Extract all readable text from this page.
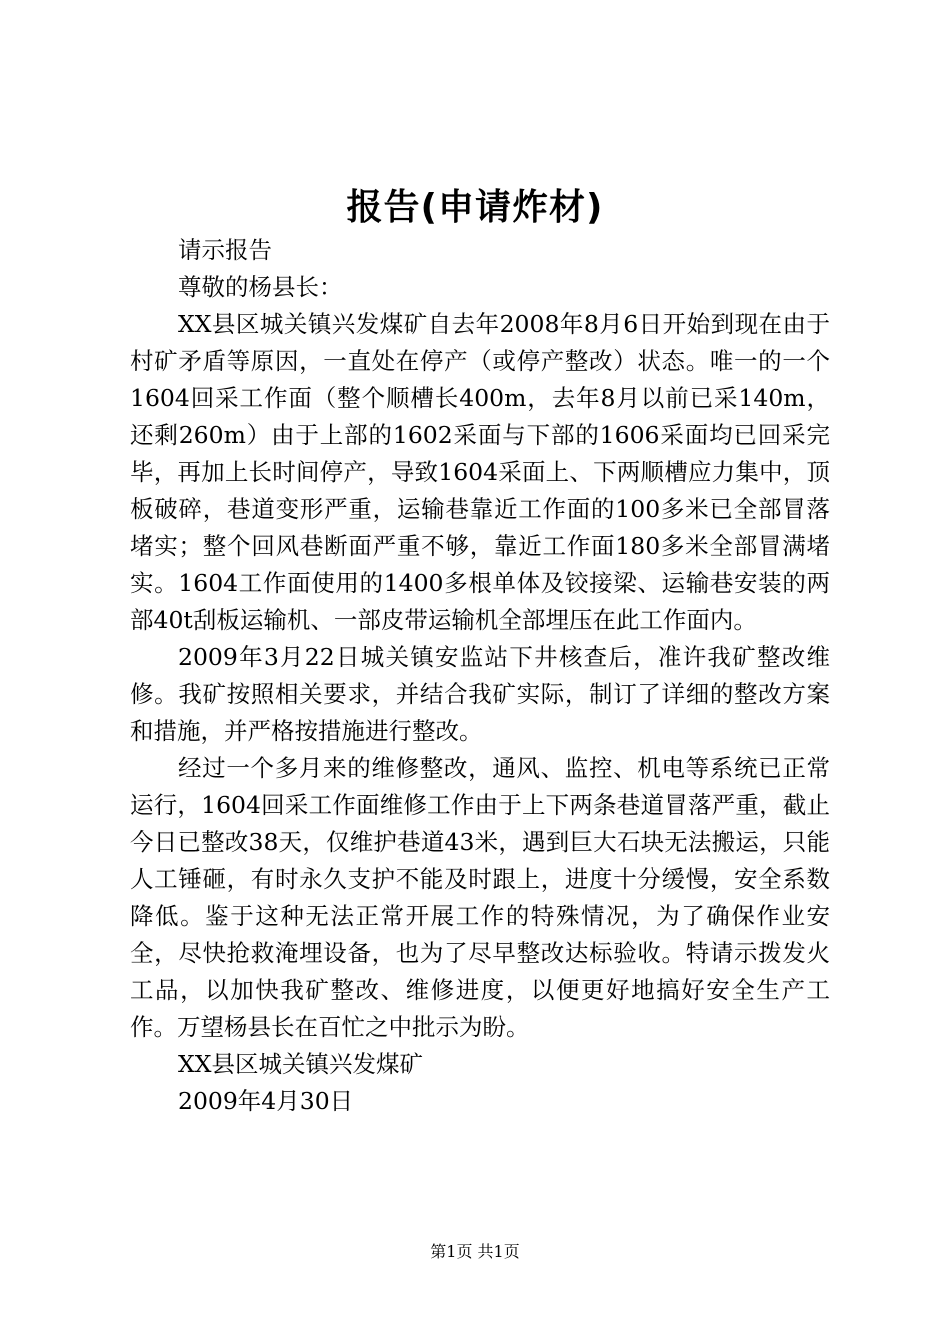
报告(申请炸材)

请示报告

尊敬的杨县长：

XX县区城关镇兴发煤矿自去年2008年8月6日开始到现在由于村矿矛盾等原因，一直处在停产（或停产整改）状态。唯一的一个1604回采工作面（整个顺槽长400m，去年8月以前已采140m，还剩260m）由于上部的1602采面与下部的1606采面均已回采完毕，再加上长时间停产，导致1604采面上、下两顺槽应力集中，顶板破碎，巷道变形严重，运输巷靠近工作面的100多米已全部冒落堵实；整个回风巷断面严重不够，靠近工作面180多米全部冒满堵实。1604工作面使用的1400多根单体及铰接梁、运输巷安装的两部40t刮板运输机、一部皮带运输机全部埋压在此工作面内。

2009年3月22日城关镇安监站下井核查后，准许我矿整改维修。我矿按照相关要求，并结合我矿实际，制订了详细的整改方案和措施，并严格按措施进行整改。

经过一个多月来的维修整改，通风、监控、机电等系统已正常运行，1604回采工作面维修工作由于上下两条巷道冒落严重，截止今日已整改38天，仅维护巷道43米，遇到巨大石块无法搬运，只能人工锤砸，有时永久支护不能及时跟上，进度十分缓慢，安全系数降低。鉴于这种无法正常开展工作的特殊情况，为了确保作业安全，尽快抢救淹埋设备，也为了尽早整改达标验收。特请示拨发火工品，以加快我矿整改、维修进度，以便更好地搞好安全生产工作。万望杨县长在百忙之中批示为盼。

XX县区城关镇兴发煤矿

2009年4月30日

第1页 共1页
